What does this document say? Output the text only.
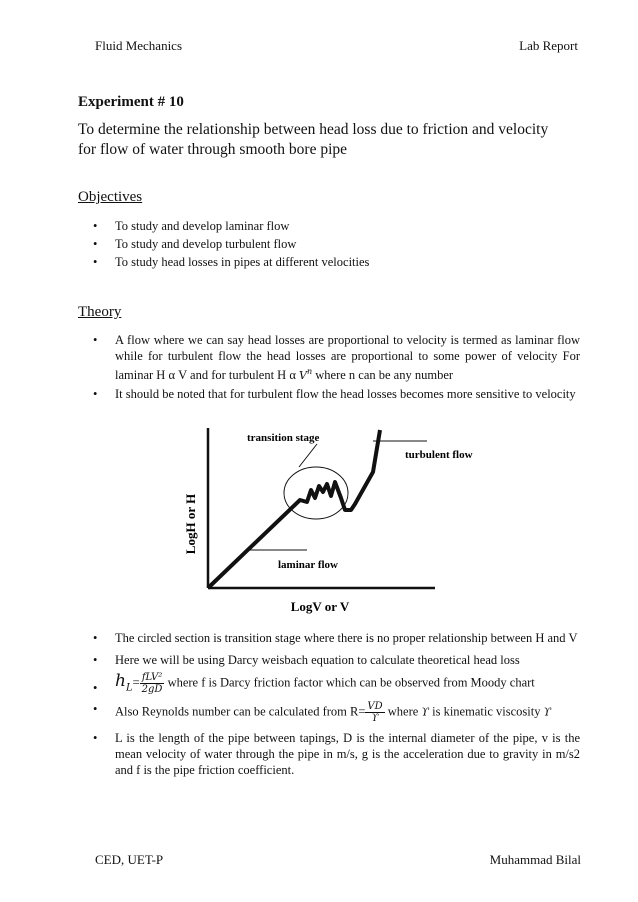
Fluid Mechanics	Lab Report
Experiment # 10
To determine the relationship between head loss due to friction and velocity for flow of water through smooth bore pipe
Objectives
• To study and develop laminar flow
• To study and develop turbulent flow
• To study head losses in pipes at different velocities
Theory
• A flow where we can say head losses are proportional to velocity is termed as laminar flow while for turbulent flow the head losses are proportional to some power of velocity For laminar H α V and for turbulent H α $V^n$ where n can be any number
• It should be noted that for turbulent flow the head losses becomes more sensitive to velocity
transition stage
turbulent flow
laminar flow
LogH or H
LogV or V
• The circled section is transition stage where there is no proper relationship between H and V
• Here we will be using Darcy weisbach equation to calculate theoretical head loss
• $h_L= \frac{\text{fLV²}}{2gD}$ where f is Darcy friction factor which can be observed from Moody chart
• Also Reynolds number can be calculated from $R= \frac{VD}{ϒ}$ where ϒ is kinematic viscosity ϒ
• L is the length of the pipe between tapings, D is the internal diameter of the pipe, v is the mean velocity of water through the pipe in m/s, g is the acceleration due to gravity in m/s2 and f is the pipe friction coefficient.
CED, UET-P	Muhammad Bilal
